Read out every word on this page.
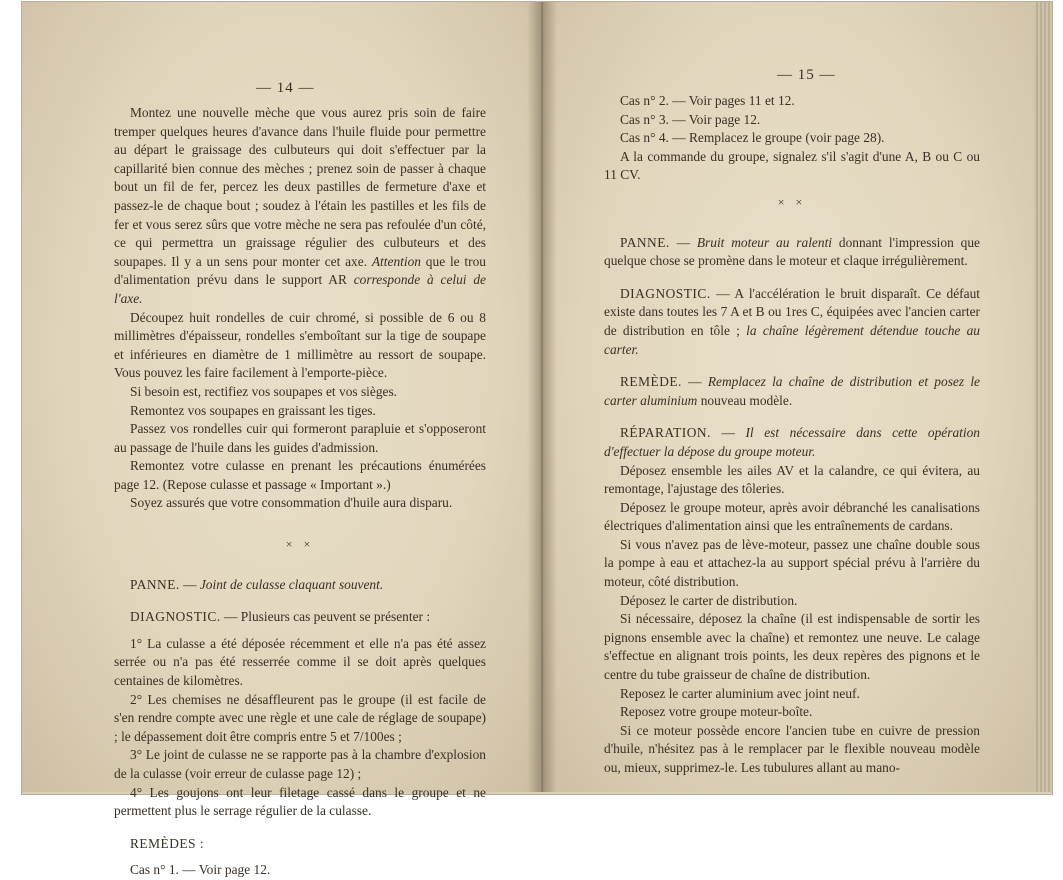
— 14 —

Montez une nouvelle mèche que vous aurez pris soin de faire tremper quelques heures d'avance dans l'huile fluide pour permettre au départ le graissage des culbuteurs qui doit s'effectuer par la capillarité bien connue des mèches ; prenez soin de passer à chaque bout un fil de fer, percez les deux pastilles de fermeture d'axe et passez-le de chaque bout ; soudez à l'étain les pastilles et les fils de fer et vous serez sûrs que votre mèche ne sera pas refoulée d'un côté, ce qui permettra un graissage régulier des culbuteurs et des soupapes. Il y a un sens pour monter cet axe. Attention que le trou d'alimentation prévu dans le support AR corresponde à celui de l'axe.

Découpez huit rondelles de cuir chromé, si possible de 6 ou 8 millimètres d'épaisseur, rondelles s'emboîtant sur la tige de soupape et inférieures en diamètre de 1 millimètre au ressort de soupape. Vous pouvez les faire facilement à l'emporte-pièce.

Si besoin est, rectifiez vos soupapes et vos sièges.

Remontez vos soupapes en graissant les tiges.

Passez vos rondelles cuir qui formeront parapluie et s'opposeront au passage de l'huile dans les guides d'admission.

Remontez votre culasse en prenant les précautions énumérées page 12. (Repose culasse et passage « Important ».)

Soyez assurés que votre consommation d'huile aura disparu.

× ×

PANNE. — Joint de culasse claquant souvent.

DIAGNOSTIC. — Plusieurs cas peuvent se présenter :

1° La culasse a été déposée récemment et elle n'a pas été assez serrée ou n'a pas été resserrée comme il se doit après quelques centaines de kilomètres.

2° Les chemises ne désaffleurent pas le groupe (il est facile de s'en rendre compte avec une règle et une cale de réglage de soupape) ; le dépassement doit être compris entre 5 et 7/100es ;

3° Le joint de culasse ne se rapporte pas à la chambre d'explosion de la culasse (voir erreur de culasse page 12) ;

4° Les goujons ont leur filetage cassé dans le groupe et ne permettent plus le serrage régulier de la culasse.

REMÈDES :

Cas n° 1. — Voir page 12.

— 15 —

Cas n° 2. — Voir pages 11 et 12.

Cas n° 3. — Voir page 12.

Cas n° 4. — Remplacez le groupe (voir page 28).

A la commande du groupe, signalez s'il s'agit d'une A, B ou C ou 11 CV.

× ×

PANNE. — Bruit moteur au ralenti donnant l'impression que quelque chose se promène dans le moteur et claque irrégulièrement.

DIAGNOSTIC. — A l'accélération le bruit disparaît. Ce défaut existe dans toutes les 7 A et B ou 1res C, équipées avec l'ancien carter de distribution en tôle ; la chaîne légèrement détendue touche au carter.

REMÈDE. — Remplacez la chaîne de distribution et posez le carter aluminium nouveau modèle.

RÉPARATION. — Il est nécessaire dans cette opération d'effectuer la dépose du groupe moteur.

Déposez ensemble les ailes AV et la calandre, ce qui évitera, au remontage, l'ajustage des tôleries.

Déposez le groupe moteur, après avoir débranché les canalisations électriques d'alimentation ainsi que les entraînements de cardans.

Si vous n'avez pas de lève-moteur, passez une chaîne double sous la pompe à eau et attachez-la au support spécial prévu à l'arrière du moteur, côté distribution.

Déposez le carter de distribution.

Si nécessaire, déposez la chaîne (il est indispensable de sortir les pignons ensemble avec la chaîne) et remontez une neuve. Le calage s'effectue en alignant trois points, les deux repères des pignons et le centre du tube graisseur de chaîne de distribution.

Reposez le carter aluminium avec joint neuf.

Reposez votre groupe moteur-boîte.

Si ce moteur possède encore l'ancien tube en cuivre de pression d'huile, n'hésitez pas à le remplacer par le flexible nouveau modèle ou, mieux, supprimez-le. Les tubulures allant au mano-
